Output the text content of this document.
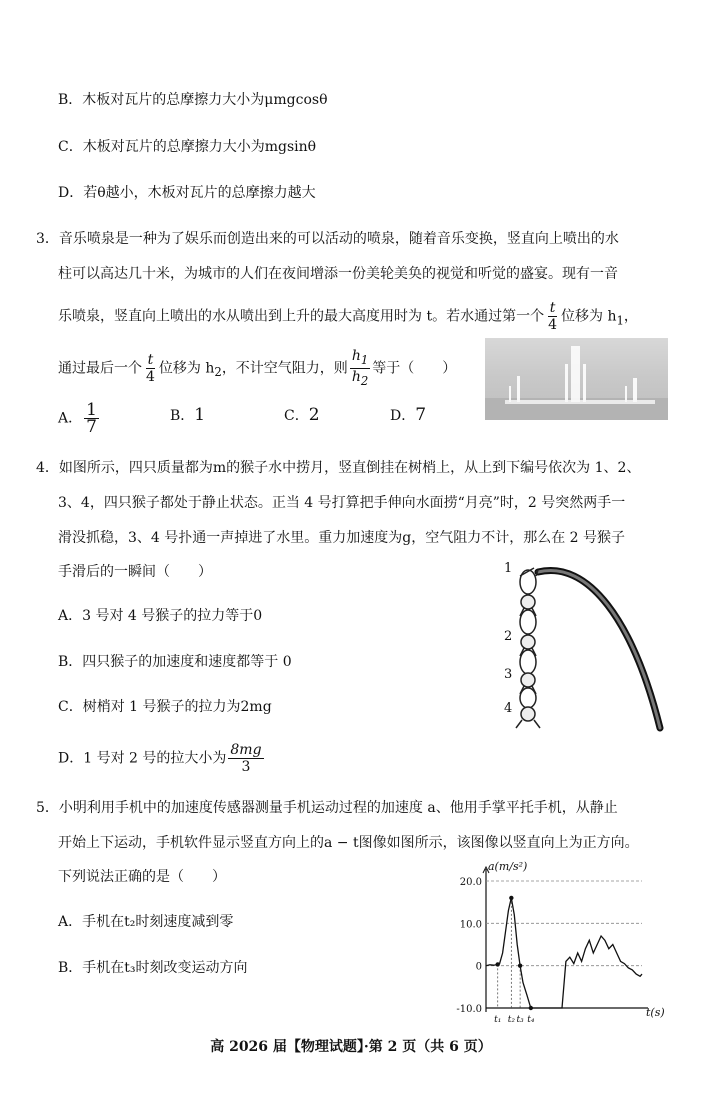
B．木板对瓦片的总摩擦力大小为μmgcosθ
C．木板对瓦片的总摩擦力大小为mgsinθ
D．若θ越小，木板对瓦片的总摩擦力越大
3．音乐喷泉是一种为了娱乐而创造出来的可以活动的喷泉，随着音乐变换，竖直向上喷出的水
柱可以高达几十米，为城市的人们在夜间增添一份美轮美奂的视觉和听觉的盛宴。现有一音
乐喷泉，竖直向上喷出的水从喷出到上升的最大高度用时为 t。若水通过第一个 $\frac{t}{4}$ 位移为 $h_1$，
通过最后一个 $\frac{t}{4}$ 位移为 $h_2$，不计空气阻力，则 $\frac{h_1}{h_2}$ 等于（　　）
A． $\frac{1}{7}$	B．1	C．2	D．7
4．如图所示，四只质量都为m的猴子水中捞月，竖直倒挂在树梢上，从上到下编号依次为 1、2、
3、4，四只猴子都处于静止状态。正当 4 号打算把手伸向水面捞“月亮”时，2 号突然两手一
滑没抓稳，3、4 号扑通一声掉进了水里。重力加速度为g，空气阻力不计，那么在 2 号猴子
手滑后的一瞬间（　　）
A．3 号对 4 号猴子的拉力等于0
B．四只猴子的加速度和速度都等于 0
C．树梢对 1 号猴子的拉力为2mg
D．1 号对 2 号的拉大小为 $\frac{8mg}{3}$
1
2
3
4
5．小明利用手机中的加速度传感器测量手机运动过程的加速度 a、他用手掌平托手机，从静止
开始上下运动，手机软件显示竖直方向上的a − t图像如图所示，该图像以竖直向上为正方向。
下列说法正确的是（　　）
A．手机在t₂时刻速度减到零
B．手机在t₃时刻改变运动方向
a(m/s²)
t(s)
20.0
10.0
0
-10.0
t₁ t₂ t₃ t₄
高 2026 届【物理试题】·第 2 页（共 6 页）
